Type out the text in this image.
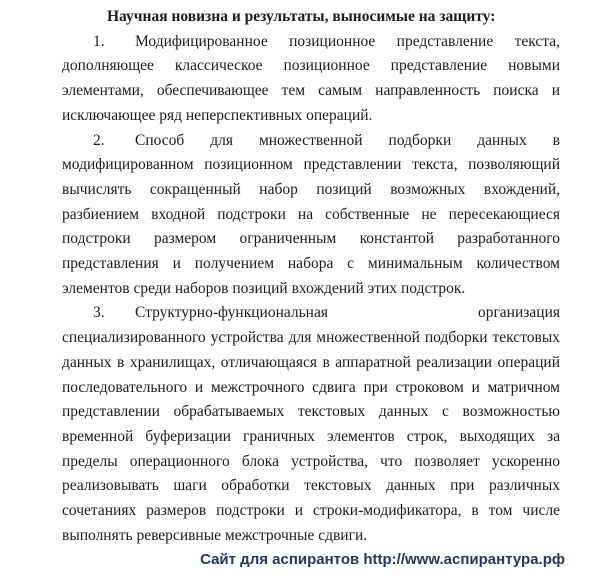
Научная новизна и результаты, выносимые на защиту:

1. Модифицированное позиционное представление текста, дополняющее классическое позиционное представление новыми элементами, обеспечивающее тем самым направленность поиска и исключающее ряд неперспективных операций.

2. Способ для множественной подборки данных в модифицированном позиционном представлении текста, позволяющий вычислять сокращенный набор позиций возможных вхождений, разбиением входной подстроки на собственные не пересекающиеся подстроки размером ограниченным константой разработанного представления и получением набора с минимальным количеством элементов среди наборов позиций вхождений этих подстрок.

3. Структурно-функциональная организация специализированного устройства для множественной подборки текстовых данных в хранилищах, отличающаяся в аппаратной реализации операций последовательного и межстрочного сдвига при строковом и матричном представлении обрабатываемых текстовых данных с возможностью временной буферизации граничных элементов строк, выходящих за пределы операционного блока устройства, что позволяет ускоренно реализовывать шаги обработки текстовых данных при различных сочетаниях размеров подстроки и строки-модификатора, в том числе выполнять реверсивные межстрочные сдвиги.

Сайт для аспирантов http://www.аспирантура.рф
